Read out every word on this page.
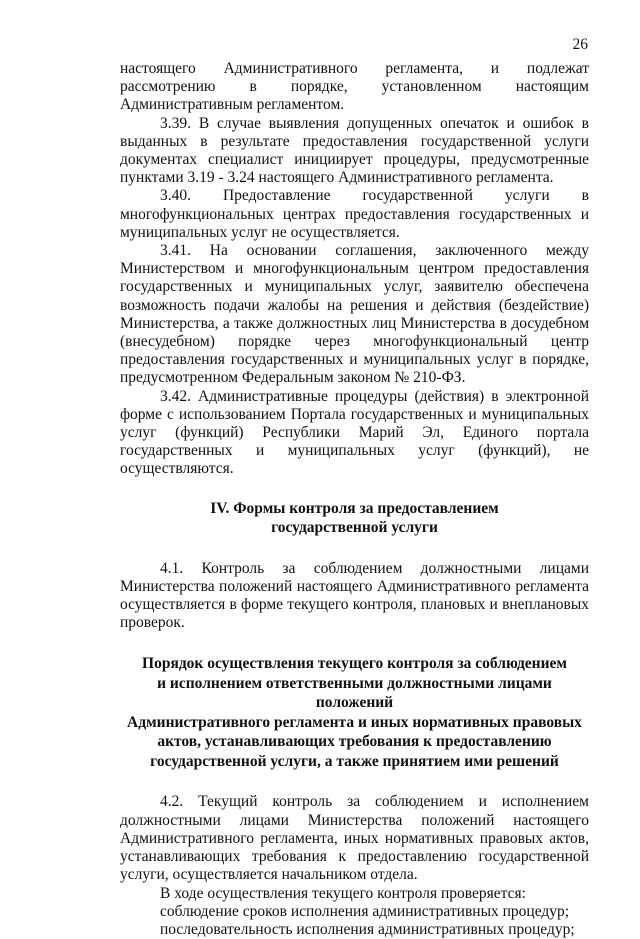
26

настоящего Административного регламента, и подлежат рассмотрению в порядке, установленном настоящим Административным регламентом.

3.39. В случае выявления допущенных опечаток и ошибок в выданных в результате предоставления государственной услуги документах специалист инициирует процедуры, предусмотренные пунктами 3.19 - 3.24 настоящего Административного регламента.

3.40. Предоставление государственной услуги в многофункциональных центрах предоставления государственных и муниципальных услуг не осуществляется.

3.41. На основании соглашения, заключенного между Министерством и многофункциональным центром предоставления государственных и муниципальных услуг, заявителю обеспечена возможность подачи жалобы на решения и действия (бездействие) Министерства, а также должностных лиц Министерства в досудебном (внесудебном) порядке через многофункциональный центр предоставления государственных и муниципальных услуг в порядке, предусмотренном Федеральным законом № 210-ФЗ.

3.42. Административные процедуры (действия) в электронной форме с использованием Портала государственных и муниципальных услуг (функций) Республики Марий Эл, Единого портала государственных и муниципальных услуг (функций), не осуществляются.

IV. Формы контроля за предоставлением

государственной услуги

4.1. Контроль за соблюдением должностными лицами Министерства положений настоящего Административного регламента осуществляется в форме текущего контроля, плановых и внеплановых проверок.

Порядок осуществления текущего контроля за соблюдением

и исполнением ответственными должностными лицами положений

Административного регламента и иных нормативных правовых

актов, устанавливающих требования к предоставлению

государственной услуги, а также принятием ими решений

4.2. Текущий контроль за соблюдением и исполнением должностными лицами Министерства положений настоящего Административного регламента, иных нормативных правовых актов, устанавливающих требования к предоставлению государственной услуги, осуществляется начальником отдела.

В ходе осуществления текущего контроля проверяется:

соблюдение сроков исполнения административных процедур;

последовательность исполнения административных процедур;
